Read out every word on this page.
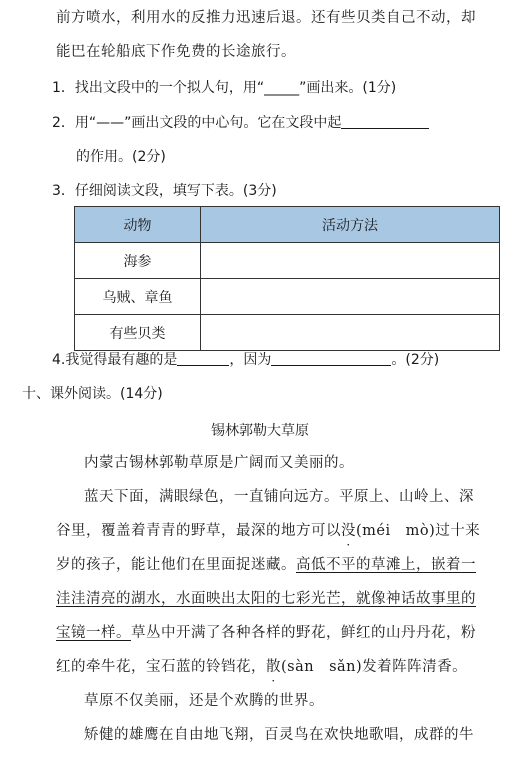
前方喷水，利用水的反推力迅速后退。还有些贝类自己不动，却
能巴在轮船底下作免费的长途旅行。
1．找出文段中的一个拟人句，用“_____”画出来。(1分)
2．用“——”画出文段的中心句。它在文段中起
的作用。(2分)
3．仔细阅读文段，填写下表。(3分)
动物	活动方法
海参	
乌贼、章鱼	
有些贝类	
4.我觉得最有趣的是	，因为	。(2分)
十、课外阅读。(14分)
锡林郭勒大草原
内蒙古锡林郭勒草原是广阔而又美丽的。
蓝天下面，满眼绿色，一直铺向远方。平原上、山岭上、深
谷里，覆盖着青青的野草，最深的地方可以没(méi　mò)过十来
岁的孩子，能让他们在里面捉迷藏。高低不平的草滩上，嵌着一
洼洼清亮的湖水，水面映出太阳的七彩光芒，就像神话故事里的
宝镜一样。草丛中开满了各种各样的野花，鲜红的山丹丹花，粉
红的牵牛花，宝石蓝的铃铛花，散(sàn　sǎn)发着阵阵清香。
草原不仅美丽，还是个欢腾的世界。
矫健的雄鹰在自由地飞翔，百灵鸟在欢快地歌唱，成群的牛
